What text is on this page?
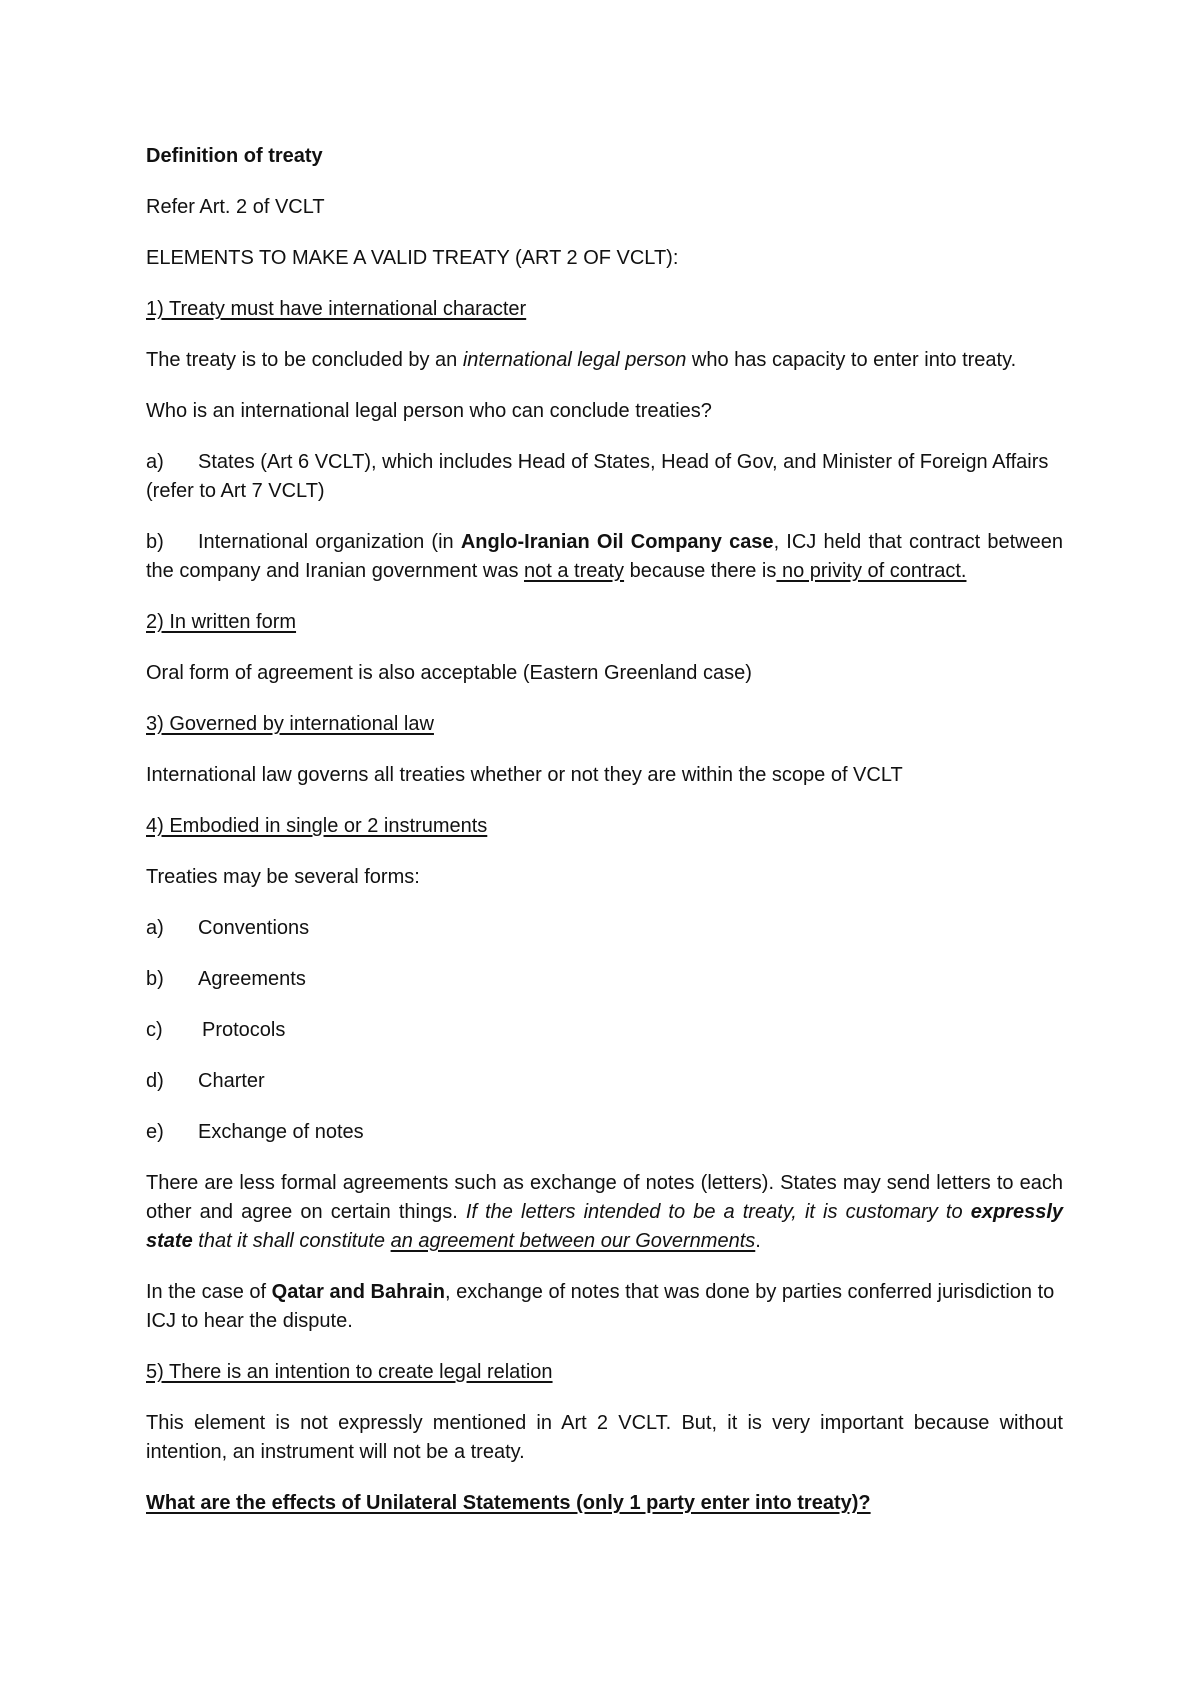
Definition of treaty

Refer Art. 2 of VCLT

ELEMENTS TO MAKE A VALID TREATY (ART 2 OF VCLT):

1) Treaty must have international character

The treaty is to be concluded by an international legal person who has capacity to enter into treaty.

Who is an international legal person who can conclude treaties?

a) States (Art 6 VCLT), which includes Head of States, Head of Gov, and Minister of Foreign Affairs (refer to Art 7 VCLT)
b) International organization (in Anglo-Iranian Oil Company case, ICJ held that contract between the company and Iranian government was not a treaty because there is no privity of contract.

2) In written form

Oral form of agreement is also acceptable (Eastern Greenland case)

3) Governed by international law

International law governs all treaties whether or not they are within the scope of VCLT

4) Embodied in single or 2 instruments

Treaties may be several forms:

a)	Conventions
b)	Agreements
c)	Protocols
d)	Charter
e)	Exchange of notes

There are less formal agreements such as exchange of notes (letters). States may send letters to each other and agree on certain things. If the letters intended to be a treaty, it is customary to expressly state that it shall constitute an agreement between our Governments.

In the case of Qatar and Bahrain, exchange of notes that was done by parties conferred jurisdiction to ICJ to hear the dispute.

5) There is an intention to create legal relation

This element is not expressly mentioned in Art 2 VCLT. But, it is very important because without intention, an instrument will not be a treaty.

What are the effects of Unilateral Statements (only 1 party enter into treaty)?
